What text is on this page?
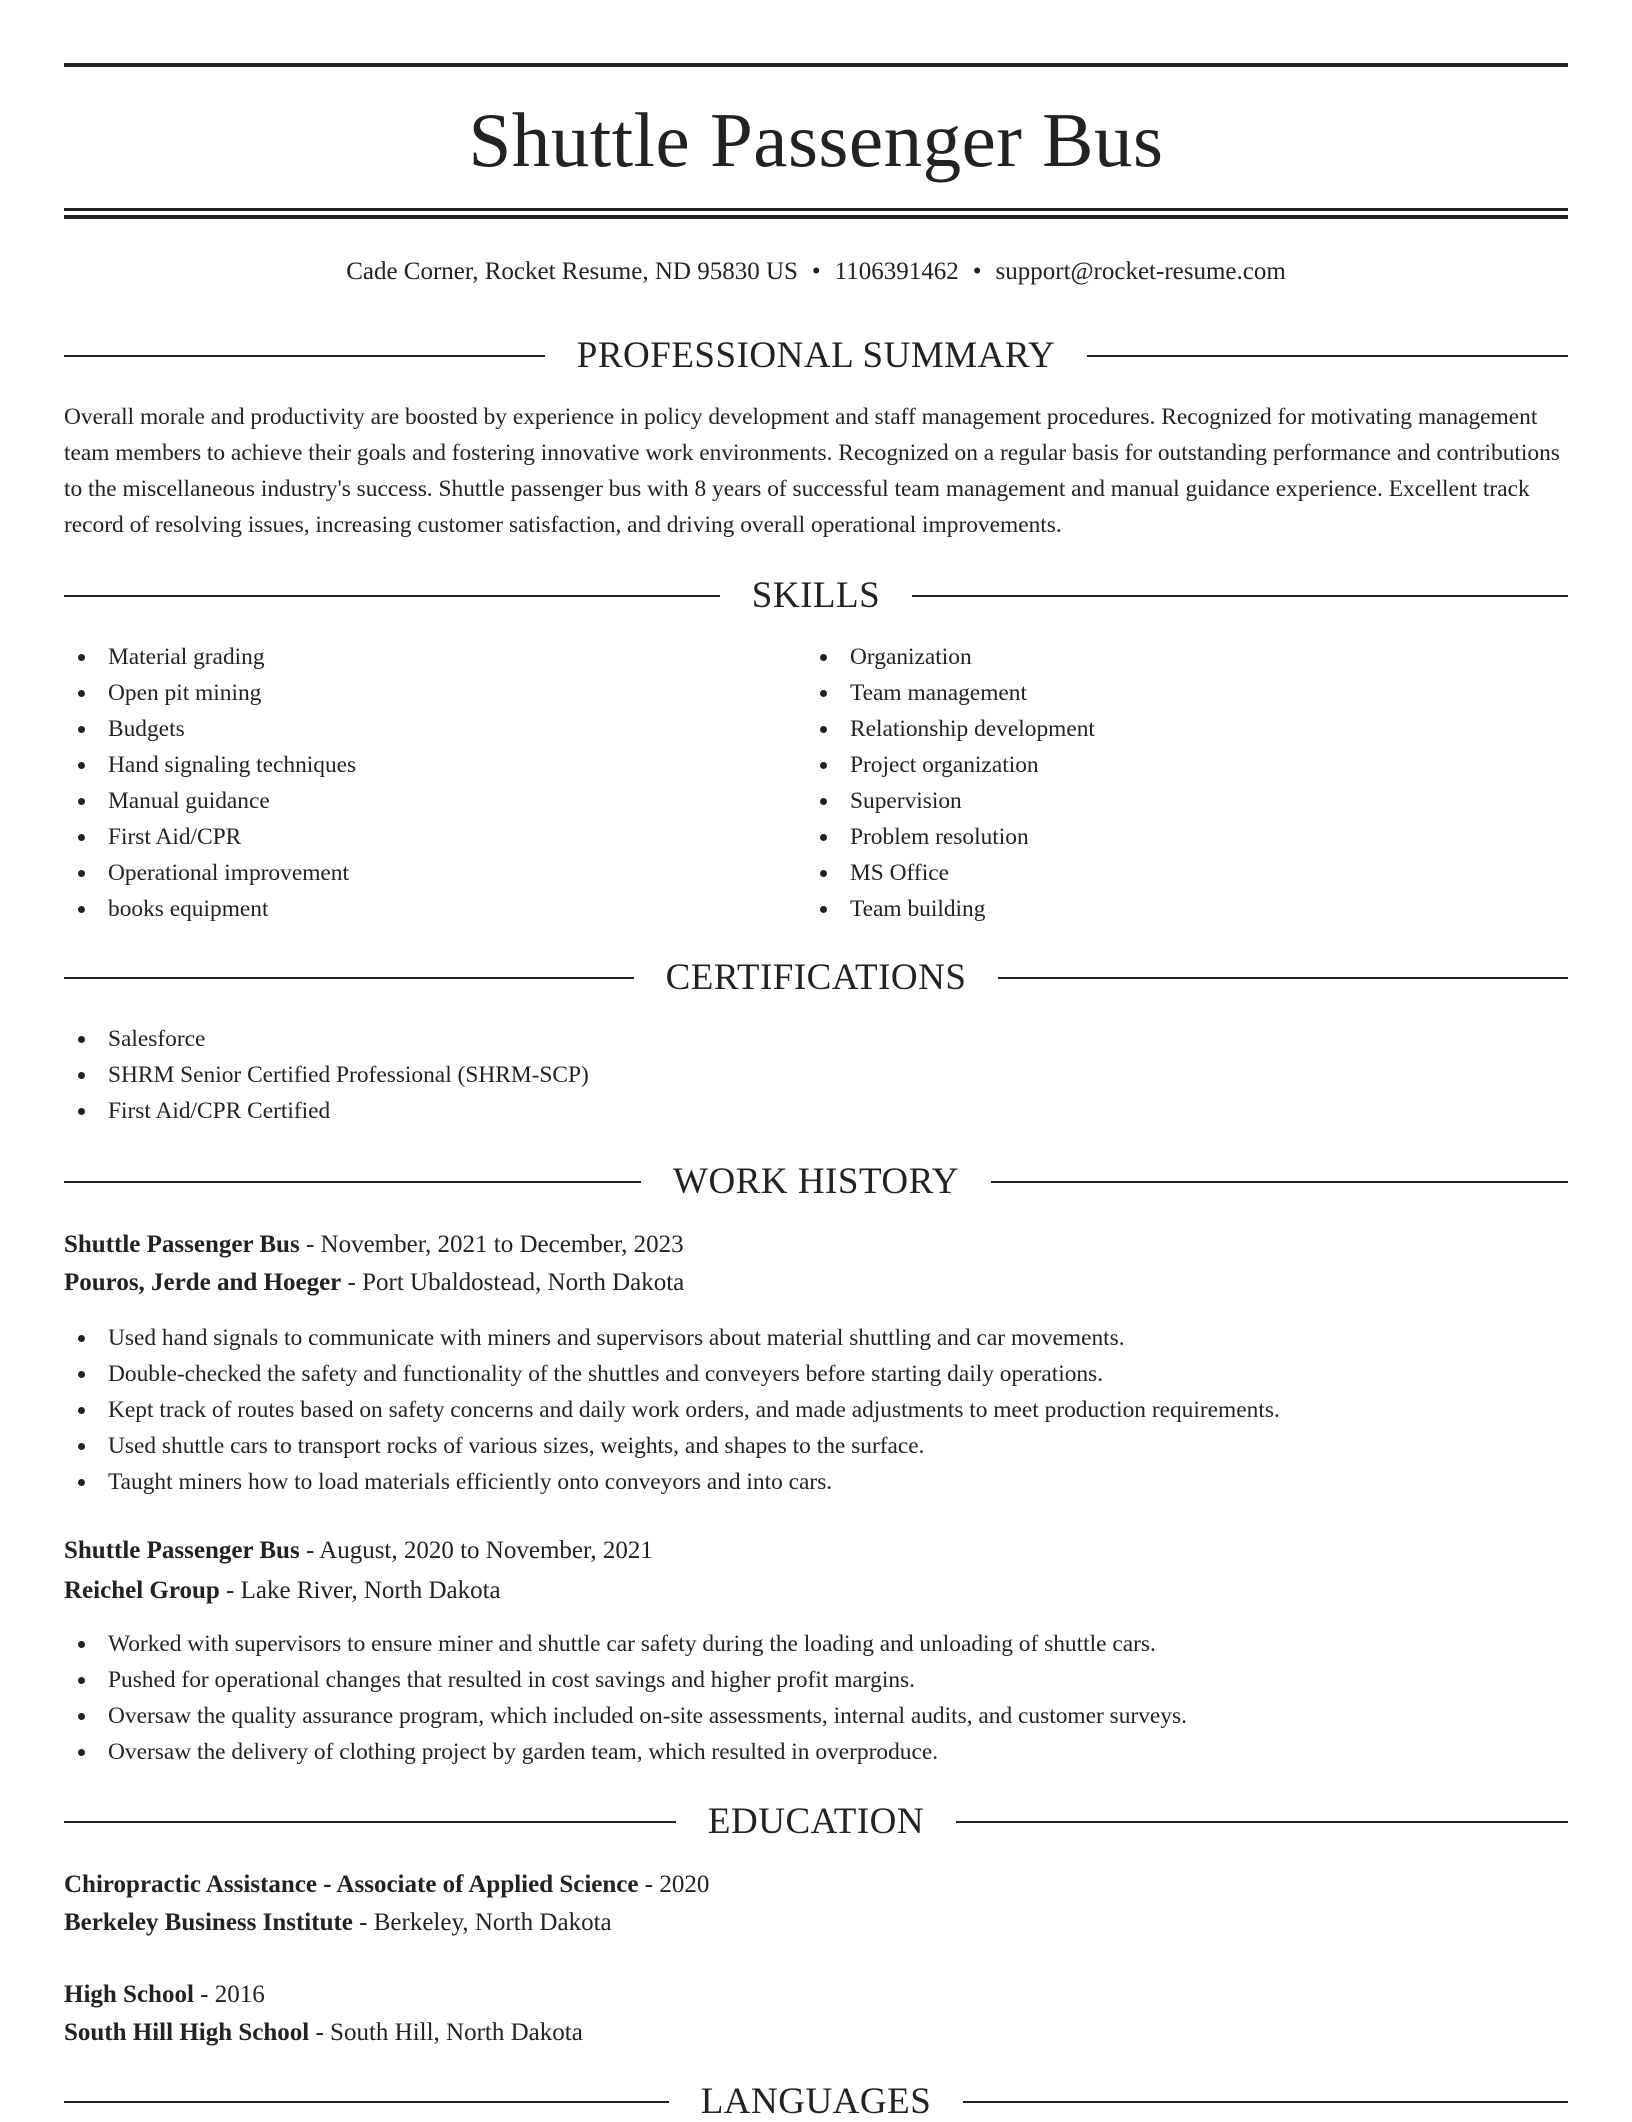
Shuttle Passenger Bus
Cade Corner, Rocket Resume, ND 95830 US • 1106391462 • support@rocket-resume.com
PROFESSIONAL SUMMARY

Overall morale and productivity are boosted by experience in policy development and staff management procedures. Recognized for motivating management team members to achieve their goals and fostering innovative work environments. Recognized on a regular basis for outstanding performance and contributions to the miscellaneous industry's success. Shuttle passenger bus with 8 years of successful team management and manual guidance experience. Excellent track record of resolving issues, increasing customer satisfaction, and driving overall operational improvements.

SKILLS
Material grading
Open pit mining
Budgets
Hand signaling techniques
Manual guidance
First Aid/CPR
Operational improvement
books equipment
Organization
Team management
Relationship development
Project organization
Supervision
Problem resolution
MS Office
Team building
CERTIFICATIONS
Salesforce
SHRM Senior Certified Professional (SHRM-SCP)
First Aid/CPR Certified
WORK HISTORY
Shuttle Passenger Bus - November, 2021 to December, 2023
Pouros, Jerde and Hoeger - Port Ubaldostead, North Dakota
Used hand signals to communicate with miners and supervisors about material shuttling and car movements.
Double-checked the safety and functionality of the shuttles and conveyers before starting daily operations.
Kept track of routes based on safety concerns and daily work orders, and made adjustments to meet production requirements.
Used shuttle cars to transport rocks of various sizes, weights, and shapes to the surface.
Taught miners how to load materials efficiently onto conveyors and into cars.
Shuttle Passenger Bus - August, 2020 to November, 2021
Reichel Group - Lake River, North Dakota
Worked with supervisors to ensure miner and shuttle car safety during the loading and unloading of shuttle cars.
Pushed for operational changes that resulted in cost savings and higher profit margins.
Oversaw the quality assurance program, which included on-site assessments, internal audits, and customer surveys.
Oversaw the delivery of clothing project by garden team, which resulted in overproduce.
EDUCATION
Chiropractic Assistance - Associate of Applied Science - 2020
Berkeley Business Institute - Berkeley, North Dakota
High School - 2016
South Hill High School - South Hill, North Dakota
LANGUAGES
